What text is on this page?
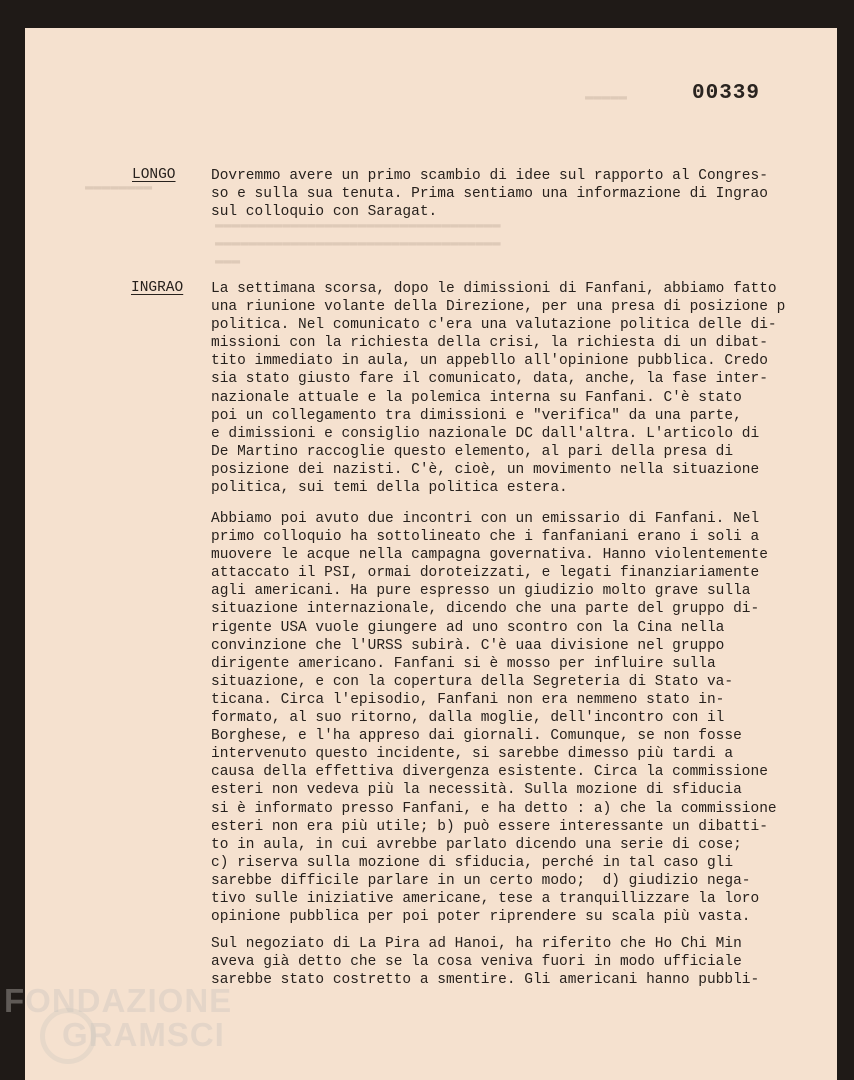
▬▬▬▬▬
▬▬▬▬▬▬▬▬
▬▬▬▬▬▬▬▬▬▬▬▬▬▬▬▬▬▬▬▬▬▬▬▬▬▬▬▬▬▬▬▬▬▬
▬▬▬▬▬▬▬▬▬▬▬▬▬▬▬▬▬▬▬▬▬▬▬▬▬▬▬▬▬▬▬▬▬▬
▬▬▬
00339
LONGO Dovremmo avere un primo scambio di idee sul rapporto al Congres-
so e sulla sua tenuta. Prima sentiamo una informazione di Ingrao
sul colloquio con Saragat.

INGRAO La settimana scorsa, dopo le dimissioni di Fanfani, abbiamo fatto
una riunione volante della Direzione, per una presa di posizione p
politica. Nel comunicato c'era una valutazione politica delle di-
missioni con la richiesta della crisi, la richiesta di un dibat-
tito immediato in aula, un appebllo all'opinione pubblica. Credo
sia stato giusto fare il comunicato, data, anche, la fase inter-
nazionale attuale e la polemica interna su Fanfani. C'è stato
poi un collegamento tra dimissioni e "verifica" da una parte,
e dimissioni e consiglio nazionale DC dall'altra. L'articolo di
De Martino raccoglie questo elemento, al pari della presa di
posizione dei nazisti. C'è, cioè, un movimento nella situazione
politica, sui temi della politica estera.

Abbiamo poi avuto due incontri con un emissario di Fanfani. Nel
primo colloquio ha sottolineato che i fanfaniani erano i soli a
muovere le acque nella campagna governativa. Hanno violentemente
attaccato il PSI, ormai doroteizzati, e legati finanziariamente
agli americani. Ha pure espresso un giudizio molto grave sulla
situazione internazionale, dicendo che una parte del gruppo di-
rigente USA vuole giungere ad uno scontro con la Cina nella
convinzione che l'URSS subirà. C'è uaa divisione nel gruppo
dirigente americano. Fanfani si è mosso per influire sulla
situazione, e con la copertura della Segreteria di Stato va-
ticana. Circa l'episodio, Fanfani non era nemmeno stato in-
formato, al suo ritorno, dalla moglie, dell'incontro con il
Borghese, e l'ha appreso dai giornali. Comunque, se non fosse
intervenuto questo incidente, si sarebbe dimesso più tardi a
causa della effettiva divergenza esistente. Circa la commissione
esteri non vedeva più la necessità. Sulla mozione di sfiducia
si è informato presso Fanfani, e ha detto : a) che la commissione
esteri non era più utile; b) può essere interessante un dibatti-
to in aula, in cui avrebbe parlato dicendo una serie di cose;
c) riserva sulla mozione di sfiducia, perché in tal caso gli
sarebbe difficile parlare in un certo modo;  d) giudizio nega-
tivo sulle iniziative americane, tese a tranquillizzare la loro
opinione pubblica per poi poter riprendere su scala più vasta.

Sul negoziato di La Pira ad Hanoi, ha riferito che Ho Chi Min
aveva già detto che se la cosa veniva fuori in modo ufficiale
sarebbe stato costretto a smentire. Gli americani hanno pubbli-

FONDAZIONE
GRAMSCI
